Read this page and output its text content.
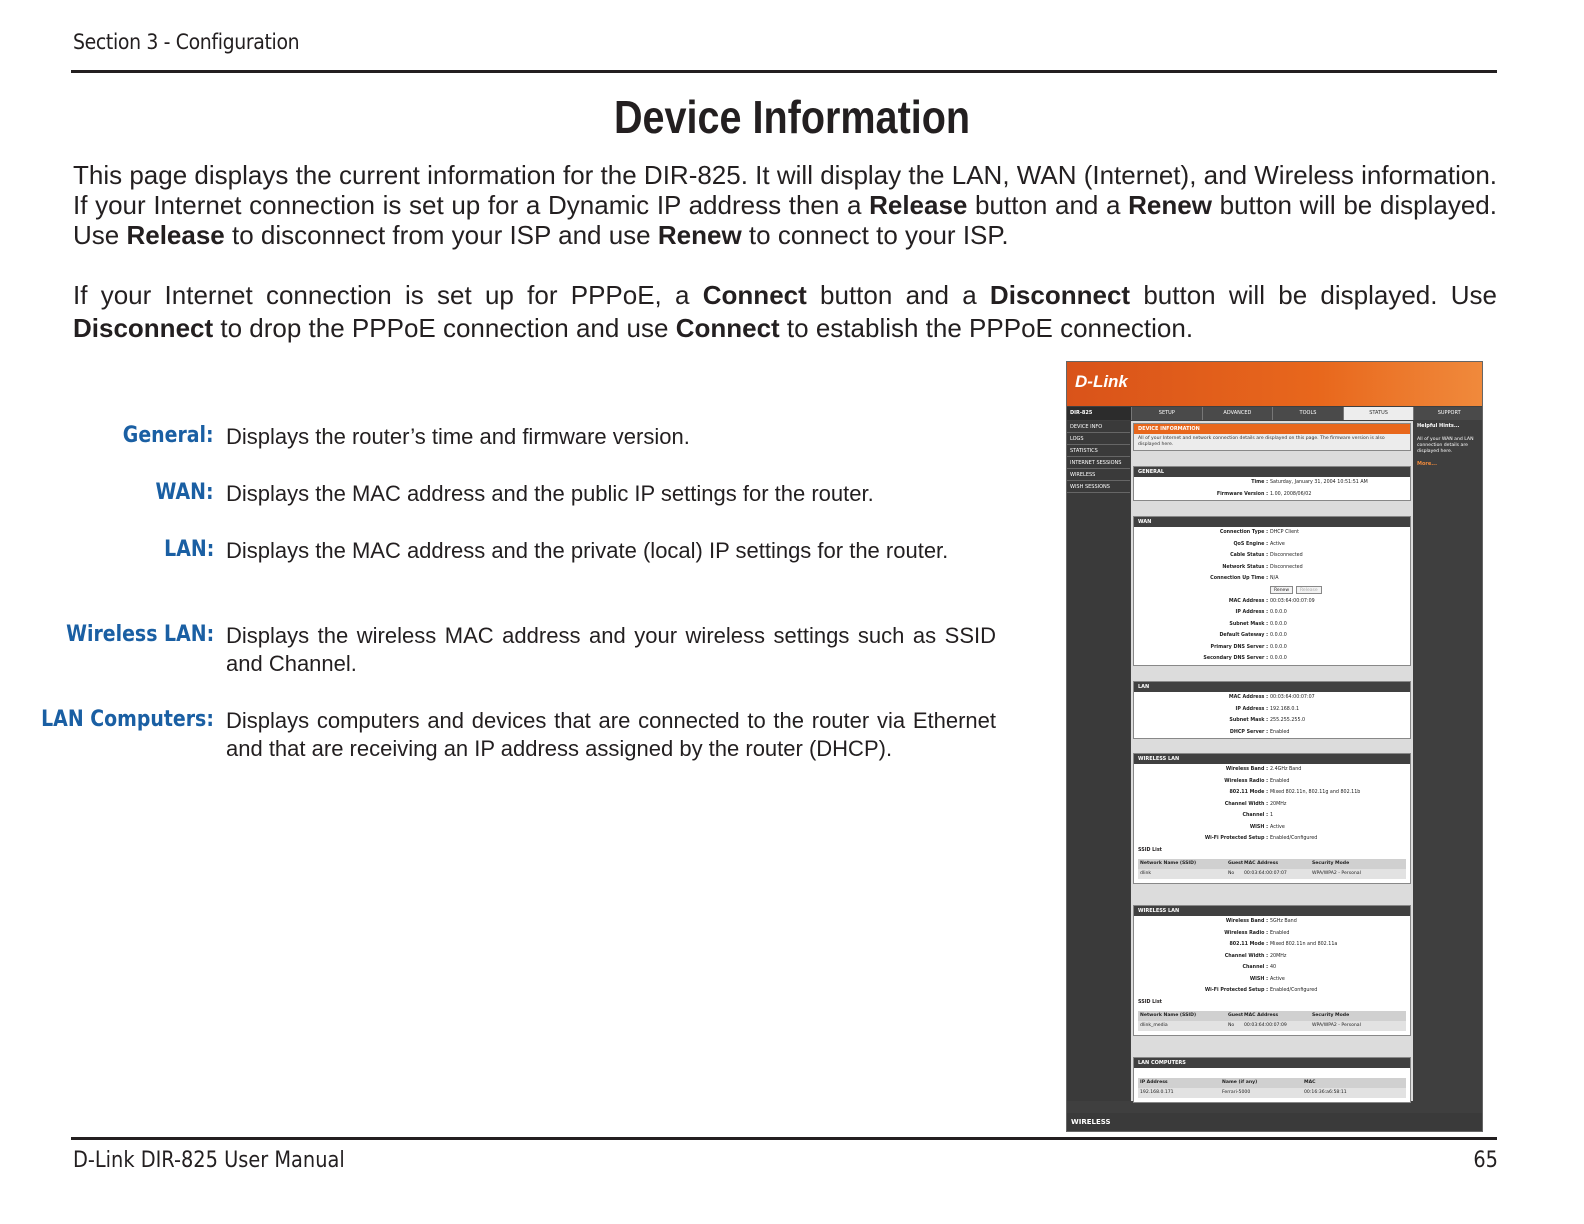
Section 3 - Configuration
Device Information

This page displays the current information for the DIR-825. It will display the LAN, WAN (Internet), and Wireless information. If your Internet connection is set up for a Dynamic IP address then a Release button and a Renew button will be displayed. Use Release to disconnect from your ISP and use Renew to connect to your ISP.

If your Internet connection is set up for PPPoE, a Connect button and a Disconnect button will be displayed. Use Disconnect to drop the PPPoE connection and use Connect to establish the PPPoE connection.

General: Displays the router’s time and firmware version.
WAN: Displays the MAC address and the public IP settings for the router.
LAN: Displays the MAC address and the private (local) IP settings for the router.
Wireless LAN: Displays the wireless MAC address and your wireless settings such as SSID and Channel.
LAN Computers: Displays computers and devices that are connected to the router via Ethernet and that are receiving an IP address assigned by the router (DHCP).
D-Link
DIR-825	SETUP	ADVANCED	TOOLS	STATUS	SUPPORT
DEVICE INFO
LOGS
STATISTICS
INTERNET SESSIONS
WIRELESS
WISH SESSIONS
DEVICE INFORMATION
All of your Internet and network connection details are displayed on this page. The firmware version is also displayed here.
GENERAL
Time : Saturday, January 31, 2004 10:51:51 AM
Firmware Version : 1.00, 2008/06/02
WAN
Connection Type : DHCP Client
QoS Engine : Active
Cable Status : Disconnected
Network Status : Disconnected
Connection Up Time : N/A
Renew	Release
MAC Address : 00:03:64:00:07:09
IP Address : 0.0.0.0
Subnet Mask : 0.0.0.0
Default Gateway : 0.0.0.0
Primary DNS Server : 0.0.0.0
Secondary DNS Server : 0.0.0.0
LAN
MAC Address : 00:03:64:00:07:07
IP Address : 192.168.0.1
Subnet Mask : 255.255.255.0
DHCP Server : Enabled
WIRELESS LAN
Wireless Band : 2.4GHz Band
Wireless Radio : Enabled
802.11 Mode : Mixed 802.11n, 802.11g and 802.11b
Channel Width : 20MHz
Channel : 1
WISH : Active
Wi-Fi Protected Setup : Enabled/Configured
SSID List
Network Name (SSID)	Guest MAC Address	Security Mode
dlink	No	00:03:64:00:07:07	WPA/WPA2 - Personal
WIRELESS LAN
Wireless Band : 5GHz Band
Wireless Radio : Enabled
802.11 Mode : Mixed 802.11n and 802.11a
Channel Width : 20MHz
Channel : 40
WISH : Active
Wi-Fi Protected Setup : Enabled/Configured
SSID List
Network Name (SSID)	Guest MAC Address	Security Mode
dlink_media	No	00:03:64:00:07:09	WPA/WPA2 - Personal
LAN COMPUTERS
IP Address	Name (if any)	MAC
192.168.0.171	Ferrari-5000	00:16:36:a6:58:11
Helpful Hints...
All of your WAN and LAN connection details are displayed here.
More...
WIRELESS
D-Link DIR-825 User Manual	65
